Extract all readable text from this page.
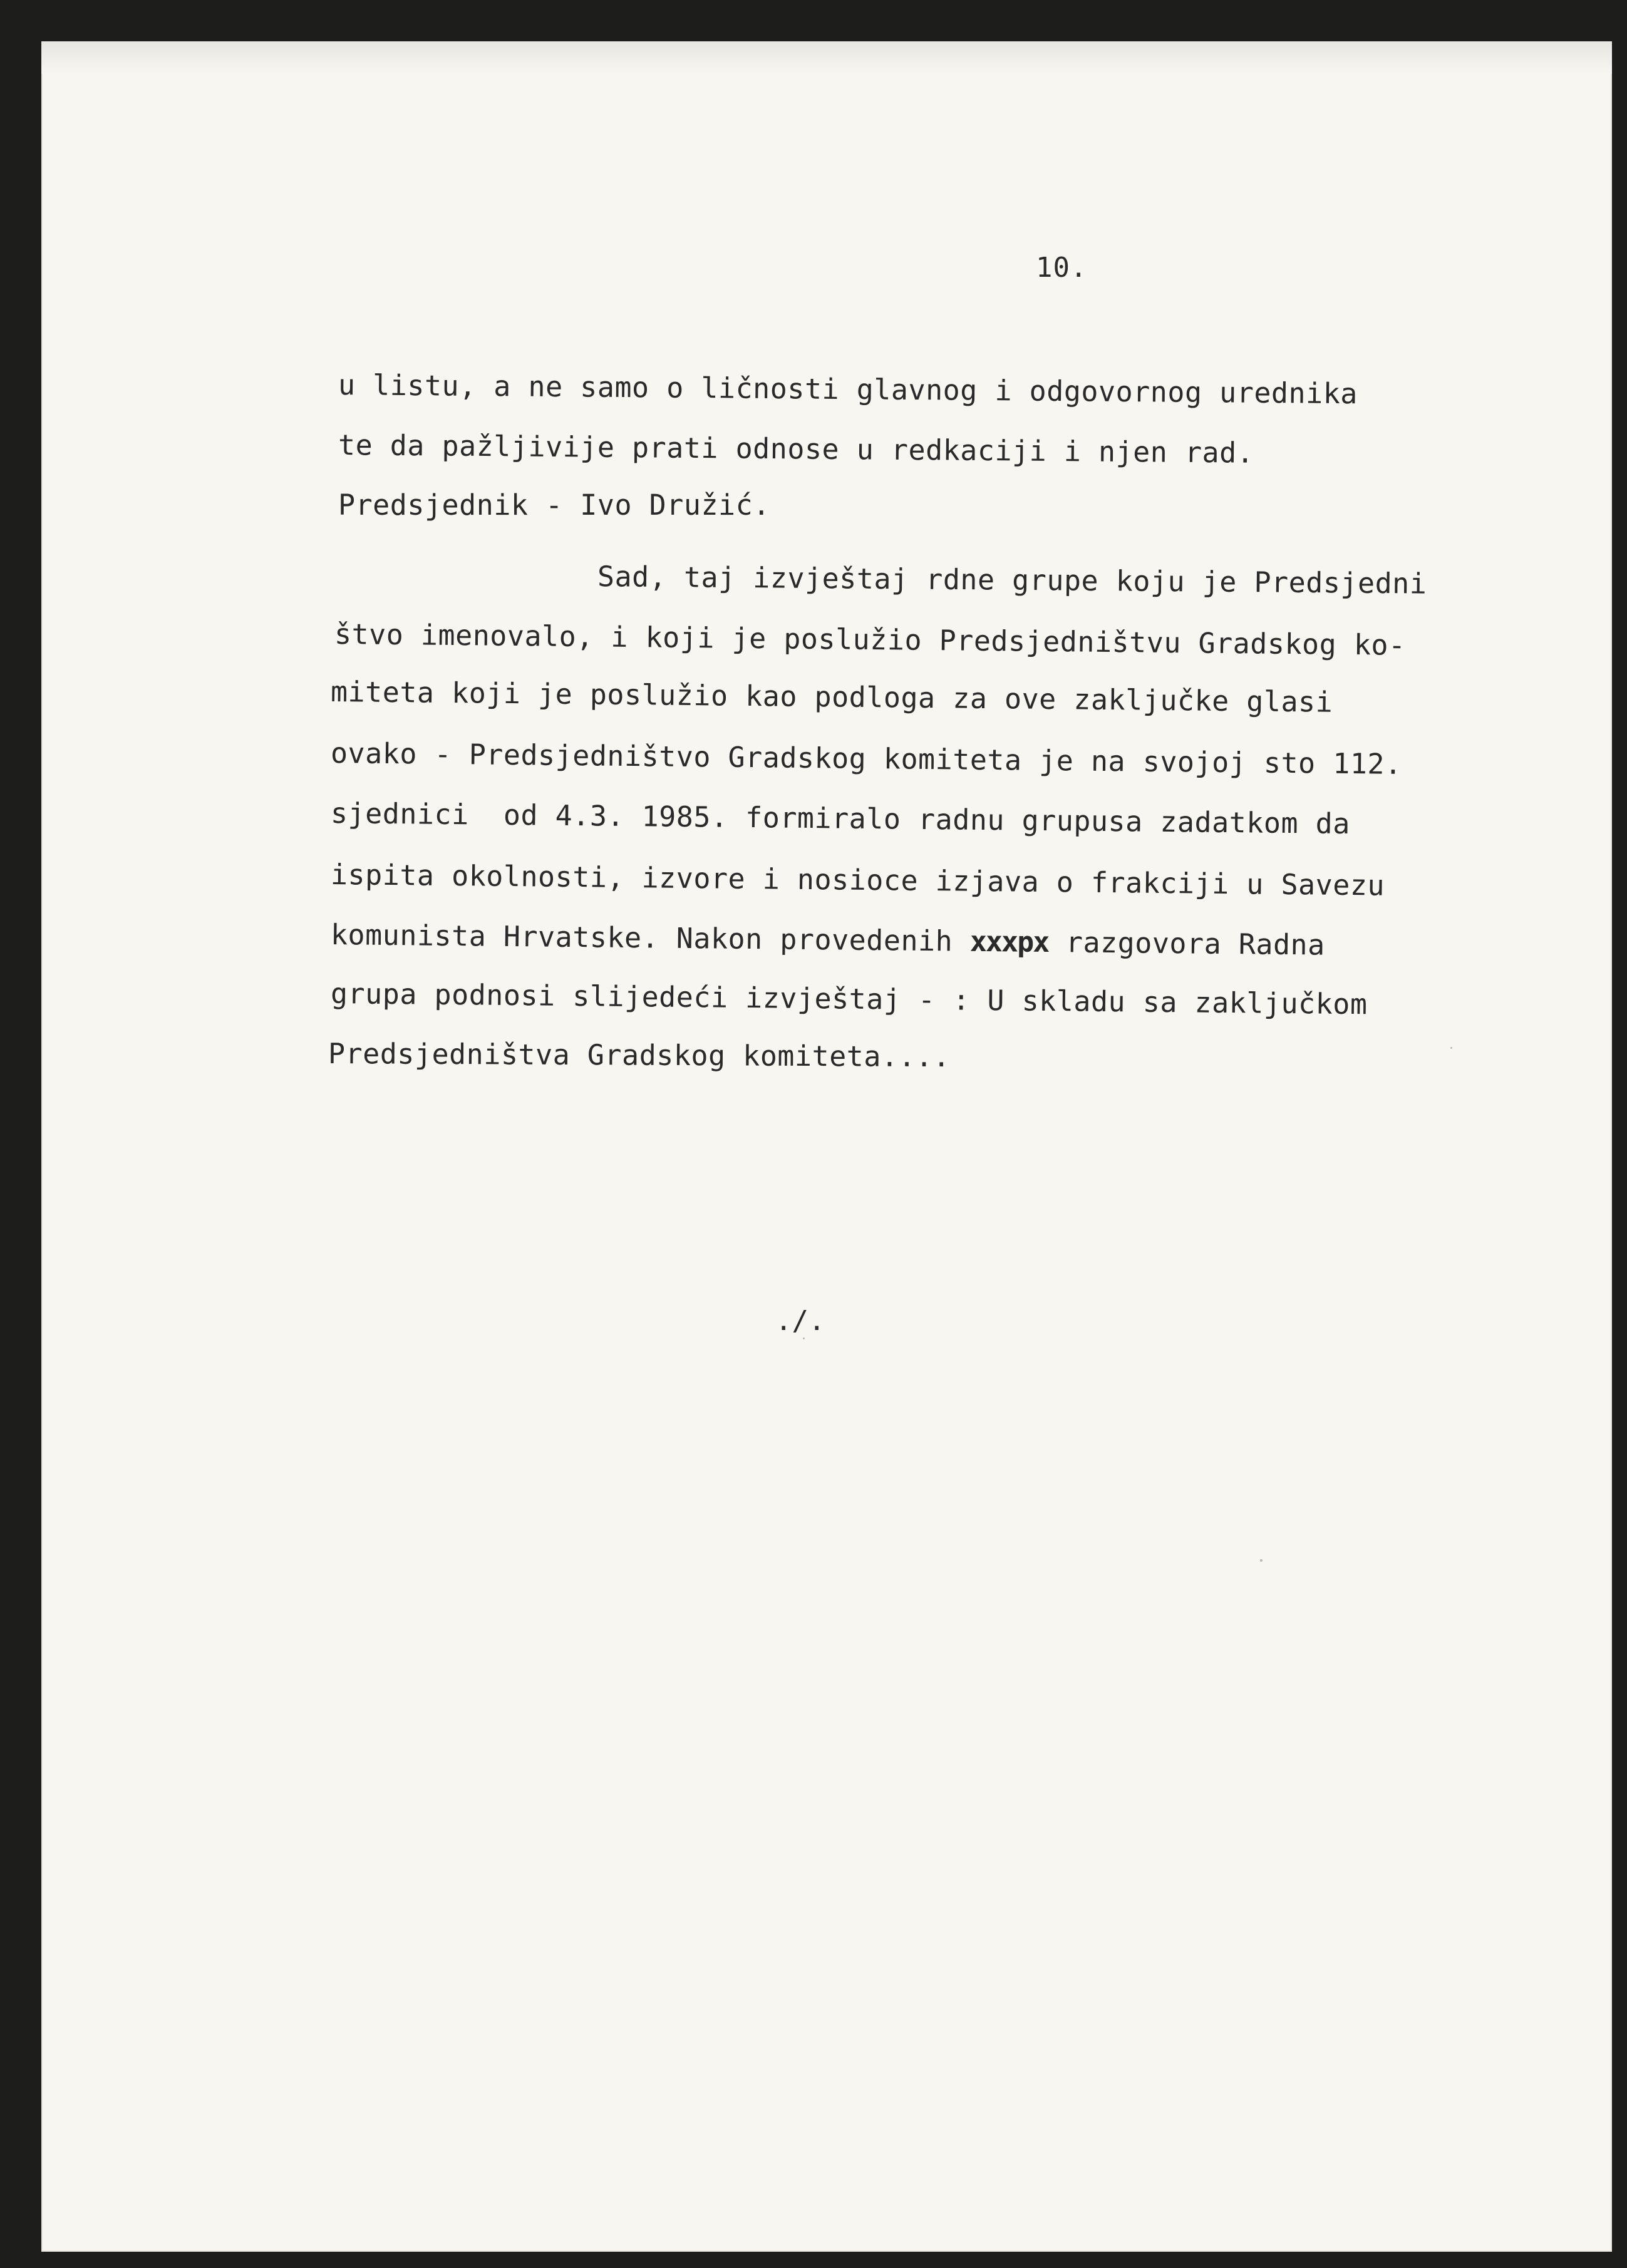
10.
u listu, a ne samo o ličnosti glavnog i odgovornog urednika
te da pažljivije prati odnose u redkaciji i njen rad.
Predsjednik - Ivo Družić.
Sad, taj izvještaj rdne grupe koju je Predsjedni
štvo imenovalo, i koji je poslužio Predsjedništvu Gradskog ko-
miteta koji je poslužio kao podloga za ove zaključke glasi
ovako - Predsjedništvo Gradskog komiteta je na svojoj sto 112.
sjednici  od 4.3. 1985. formiralo radnu grupusa zadatkom da
ispita okolnosti, izvore i nosioce izjava o frakciji u Savezu
komunista Hrvatske. Nakon provedenih xxxpx razgovora Radna
grupa podnosi slijedeći izvještaj - : U skladu sa zaključkom
Predsjedništva Gradskog komiteta....
./.
